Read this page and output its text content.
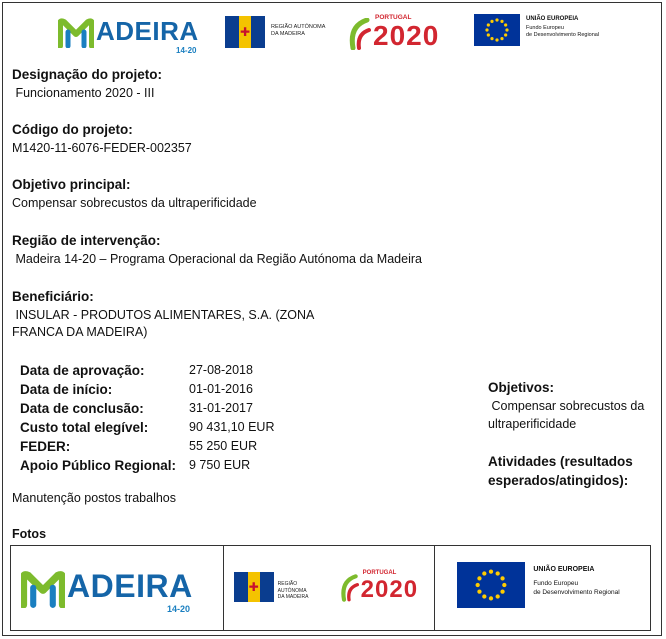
ADEIRA
14-20
✚	REGIÃO AUTÓNOMA
DA MADEIRA
PORTUGAL
2020
UNIÃO EUROPEIA
Fundo Europeu
de Desenvolvimento Regional
Designação do projeto:
Funcionamento 2020 - III
Código do projeto:
M1420-11-6076-FEDER-002357
Objetivo principal:
Compensar sobrecustos da ultraperificidade
Região de intervenção:
Madeira 14-20 – Programa Operacional da Região Autónoma da Madeira
Beneficiário:
INSULAR - PRODUTOS ALIMENTARES, S.A. (ZONA
FRANCA DA MADEIRA)
Data de aprovação:	27-08-2018
Data de início:	01-01-2016
Data de conclusão:	31-01-2017
Custo total elegível:	90 431,10 EUR
FEDER:	55 250 EUR
Apoio Público Regional: 9 750 EUR
Objetivos:
Compensar sobrecustos da
ultraperificidade
Atividades (resultados
esperados/atingidos):
Manutenção postos trabalhos
Fotos
ADEIRA
14-20

✚	REGIÃO AUTÓNOMA
DA MADEIRA
PORTUGAL
2020

UNIÃO EUROPEIA
Fundo Europeu
de Desenvolvimento Regional
